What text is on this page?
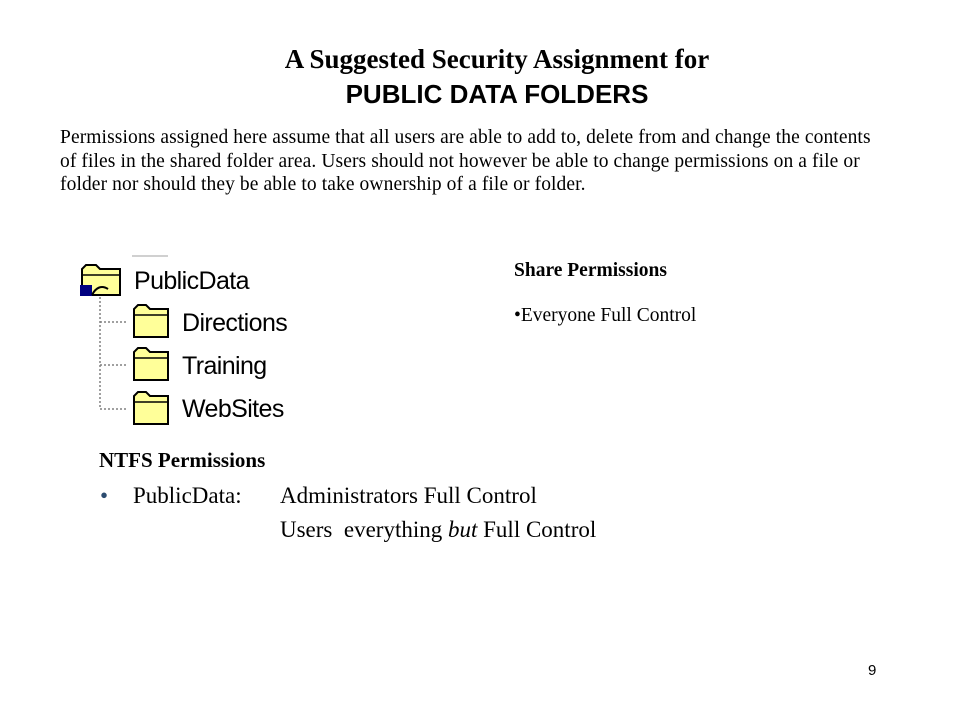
A Suggested Security Assignment for
PUBLIC DATA FOLDERS
Permissions assigned here assume that all users are able to add to, delete from and change the contents of files in the shared folder area. Users should not however be able to change permissions on a file or folder nor should they be able to take ownership of a file or folder.
PublicData
Directions
Training
WebSites
Share Permissions
•Everyone Full Control
NTFS Permissions
• PublicData: Administrators Full Control
Users  everything but Full Control
9
